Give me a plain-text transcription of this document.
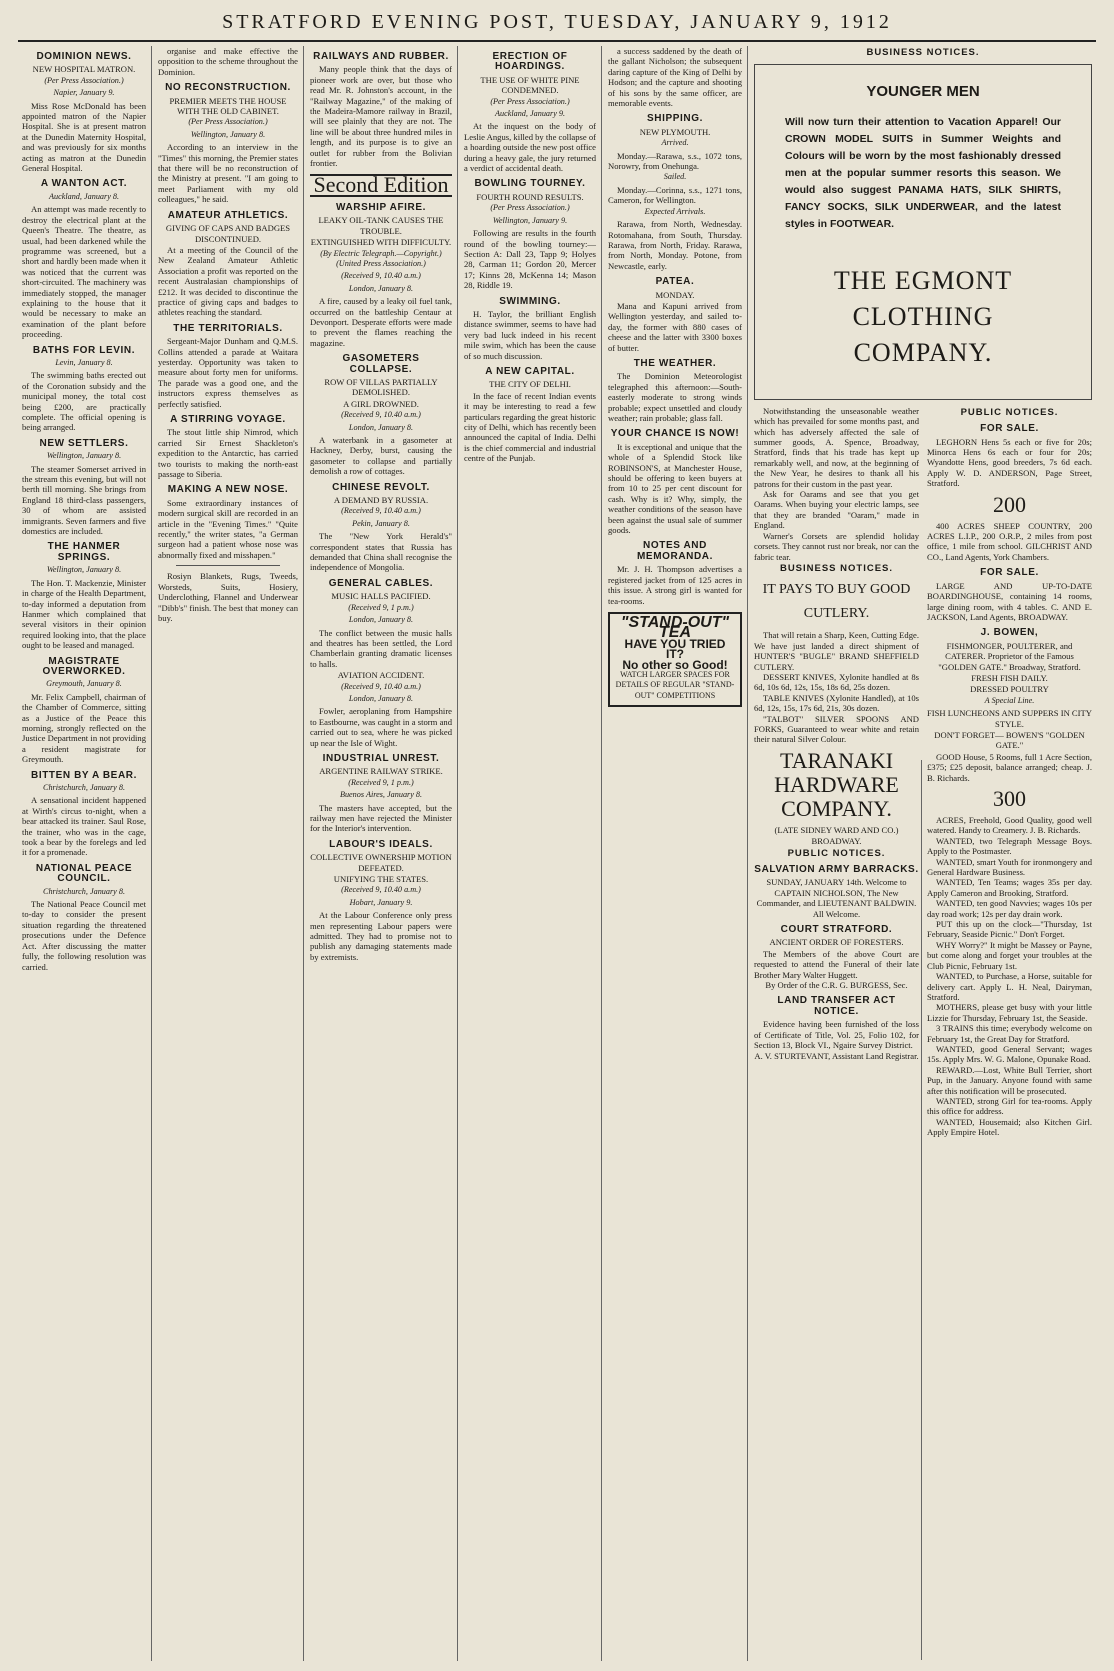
STRATFORD EVENING POST, TUESDAY, JANUARY 9, 1912
DOMINION NEWS.
NEW HOSPITAL MATRON.
(Per Press Association.)
Napier, January 9.

Miss Rose McDonald has been appointed matron of the Napier Hospital. She is at present matron at the Dunedin Maternity Hospital, and was previously for six months acting as matron at the Dunedin General Hospital.

A WANTON ACT.
Auckland, January 8.

An attempt was made recently to destroy the electrical plant at the Queen's Theatre. The theatre, as usual, had been darkened while the programme was screened, but a short and hardly been made when it was noticed that the current was short-circuited. The machinery was immediately stopped, the manager explaining to the house that it would be necessary to make an examination of the plant before proceeding.

BATHS FOR LEVIN.
Levin, January 8.

The swimming baths erected out of the Coronation subsidy and the municipal money, the total cost being £200, are practically complete. The official opening is being arranged.

NEW SETTLERS.
Wellington, January 8.

The steamer Somerset arrived in the stream this evening, but will not berth till morning. She brings from England 18 third-class passengers, 30 of whom are assisted immigrants. Seven farmers and five domestics are included.

THE HANMER SPRINGS.
Wellington, January 8.

The Hon. T. Mackenzie, Minister in charge of the Health Department, to-day informed a deputation from Hanmer which complained that several visitors in their opinion required looking into, that the place ought to be leased and managed.

MAGISTRATE OVERWORKED.
Greymouth, January 8.

Mr. Felix Campbell, chairman of the Chamber of Commerce, sitting as a Justice of the Peace this morning, strongly reflected on the Justice Department in not providing a resident magistrate for Greymouth.

BITTEN BY A BEAR.
Christchurch, January 8.

A sensational incident happened at Wirth's circus to-night, when a bear attacked its trainer. Saul Rose, the trainer, who was in the cage, took a bear by the forelegs and led it for a promenade.

NATIONAL PEACE COUNCIL.
Christchurch, January 8.

The National Peace Council met to-day to consider the present situation regarding the threatened prosecutions under the Defence Act. After discussing the matter fully, the following resolution was carried.

organise and make effective the opposition to the scheme throughout the Dominion.

NO RECONSTRUCTION.
PREMIER MEETS THE HOUSE WITH THE OLD CABINET.
(Per Press Association.)
Wellington, January 8.

According to an interview in the "Times" this morning, the Premier states that there will be no reconstruction of the Ministry at present. "I am going to meet Parliament with my old colleagues," he said.

AMATEUR ATHLETICS.
GIVING OF CAPS AND BADGES DISCONTINUED.

At a meeting of the Council of the New Zealand Amateur Athletic Association a profit was reported on the recent Australasian championships of £212. It was decided to discontinue the practice of giving caps and badges to athletes reaching the standard.

THE TERRITORIALS.

Sergeant-Major Dunham and Q.M.S. Collins attended a parade at Waitara yesterday. Opportunity was taken to measure about forty men for uniforms. The parade was a good one, and the instructors express themselves as perfectly satisfied.

A STIRRING VOYAGE.

The stout little ship Nimrod, which carried Sir Ernest Shackleton's expedition to the Antarctic, has carried two tourists to making the north-east passage to Siberia.

MAKING A NEW NOSE.

Some extraordinary instances of modern surgical skill are recorded in an article in the "Evening Times." "Quite recently," the writer states, "a German surgeon had a patient whose nose was abnormally fixed and misshapen."

Rosiyn Blankets, Rugs, Tweeds, Worsteds, Suits, Hosiery, Underclothing, Flannel and Underwear "Dibb's" finish. The best that money can buy.

RAILWAYS AND RUBBER.

Many people think that the days of pioneer work are over, but those who read Mr. R. Johnston's account, in the "Railway Magazine," of the making of the Madeira-Mamore railway in Brazil, will see plainly that they are not. The line will be about three hundred miles in length, and its purpose is to give an outlet for rubber from the Bolivian frontier.

Second Edition
WARSHIP AFIRE.
LEAKY OIL-TANK CAUSES THE TROUBLE.
EXTINGUISHED WITH DIFFICULTY.
(By Electric Telegraph.—Copyright.) (United Press Association.)
(Received 9, 10.40 a.m.)
London, January 8.

A fire, caused by a leaky oil fuel tank, occurred on the battleship Centaur at Devonport. Desperate efforts were made to prevent the flames reaching the magazine.

GASOMETERS COLLAPSE.
ROW OF VILLAS PARTIALLY DEMOLISHED.
A GIRL DROWNED.
(Received 9, 10.40 a.m.)
London, January 8.

A waterbank in a gasometer at Hackney, Derby, burst, causing the gasometer to collapse and partially demolish a row of cottages.

CHINESE REVOLT.
A DEMAND BY RUSSIA.
(Received 9, 10.40 a.m.)
Pekin, January 8.

The "New York Herald's" correspondent states that Russia has demanded that China shall recognise the independence of Mongolia.

GENERAL CABLES.
MUSIC HALLS PACIFIED.
(Received 9, 1 p.m.)
London, January 8.

The conflict between the music halls and theatres has been settled, the Lord Chamberlain granting dramatic licenses to halls.

AVIATION ACCIDENT.
(Received 9, 10.40 a.m.)
London, January 8.

Fowler, aeroplaning from Hampshire to Eastbourne, was caught in a storm and carried out to sea, where he was picked up near the Isle of Wight.

INDUSTRIAL UNREST.
ARGENTINE RAILWAY STRIKE.
(Received 9, 1 p.m.)
Buenos Aires, January 8.

The masters have accepted, but the railway men have rejected the Minister for the Interior's intervention.

LABOUR'S IDEALS.
COLLECTIVE OWNERSHIP MOTION DEFEATED.
UNIFYING THE STATES.
(Received 9, 10.40 a.m.)
Hobart, January 9.

At the Labour Conference only press men representing Labour papers were admitted. They had to promise not to publish any damaging statements made by extremists.

ERECTION OF HOARDINGS.
THE USE OF WHITE PINE CONDEMNED.
(Per Press Association.)
Auckland, January 9.

At the inquest on the body of Leslie Angus, killed by the collapse of a hoarding outside the new post office during a heavy gale, the jury returned a verdict of accidental death.

BOWLING TOURNEY.
FOURTH ROUND RESULTS.
(Per Press Association.)
Wellington, January 9.

Following are results in the fourth round of the bowling tourney:— Section A: Dall 23, Tapp 9; Holyes 28, Carman 11; Gordon 20, Mercer 17; Kinns 28, McKenna 14; Mason 28, Riddle 19.

SWIMMING.

H. Taylor, the brilliant English distance swimmer, seems to have had very bad luck indeed in his recent mile swim, which has been the cause of so much discussion.

A NEW CAPITAL.
THE CITY OF DELHI.

In the face of recent Indian events it may be interesting to read a few particulars regarding the great historic city of Delhi, which has recently been announced the capital of India. Delhi is the chief commercial and industrial centre of the Punjab.

a success saddened by the death of the gallant Nicholson; the subsequent daring capture of the King of Delhi by Hodson; and the capture and shooting of his sons by the same officer, are memorable events.

SHIPPING.
NEW PLYMOUTH.
Arrived.

Monday.—Rarawa, s.s., 1072 tons, Norowry, from Onehunga.

Sailed.

Monday.—Corinna, s.s., 1271 tons, Cameron, for Wellington.

Expected Arrivals.

Rarawa, from North, Wednesday. Rotomahana, from South, Thursday. Rarawa, from North, Friday. Rarawa, from North, Monday. Potone, from Newcastle, early.

PATEA.
MONDAY.

Mana and Kapuni arrived from Wellington yesterday, and sailed to-day, the former with 880 cases of cheese and the latter with 3300 boxes of butter.

THE WEATHER.

The Dominion Meteorologist telegraphed this afternoon:—South-easterly moderate to strong winds probable; expect unsettled and cloudy weather; rain probable; glass fall.

YOUR CHANCE IS NOW!

It is exceptional and unique that the whole of a Splendid Stock like ROBINSON'S, at Manchester House, should be offering to keen buyers at from 10 to 25 per cent discount for cash. Why is it? Why, simply, the weather conditions of the season have been against the usual sale of summer goods.

NOTES AND MEMORANDA.

Mr. J. H. Thompson advertises a registered jacket from of 125 acres in this issue. A strong girl is wanted for tea-rooms.

"STAND-OUT" TEA
HAVE YOU TRIED IT?
No other so Good!
WATCH LARGER SPACES FOR DETAILS OF REGULAR "STAND-OUT" COMPETITIONS
BUSINESS NOTICES.
YOUNGER MEN
Will now turn their attention to Vacation Apparel! Our CROWN MODEL SUITS in Summer Weights and Colours will be worn by the most fashionably dressed men at the popular summer resorts this season. We would also suggest PANAMA HATS, SILK SHIRTS, FANCY SOCKS, SILK UNDERWEAR, and the latest styles in FOOTWEAR.
THE EGMONT CLOTHING
COMPANY.

Notwithstanding the unseasonable weather which has prevailed for some months past, and which has adversely affected the sale of summer goods, A. Spence, Broadway, Stratford, finds that his trade has kept up remarkably well, and now, at the beginning of the New Year, he desires to thank all his patrons for their custom in the past year.

Ask for Oarams and see that you get Oarams. When buying your electric lamps, see that they are branded "Oaram," made in England.

Warner's Corsets are splendid holiday corsets. They cannot rust nor break, nor can the fabric tear.

BUSINESS NOTICES.
IT PAYS TO BUY GOOD CUTLERY.

That will retain a Sharp, Keen, Cutting Edge. We have just landed a direct shipment of HUNTER'S "BUGLE" BRAND SHEFFIELD CUTLERY.

DESSERT KNIVES, Xylonite handled at 8s 6d, 10s 6d, 12s, 15s, 18s 6d, 25s dozen.

TABLE KNIVES (Xylonite Handled), at 10s 6d, 12s, 15s, 17s 6d, 21s, 30s dozen.

"TALBOT" SILVER SPOONS AND FORKS, Guaranteed to wear white and retain their natural Silver Colour.

TARANAKI HARDWARE COMPANY.
(LATE SIDNEY WARD AND CO.)
BROADWAY.
PUBLIC NOTICES.
SALVATION ARMY BARRACKS.

SUNDAY, JANUARY 14th. Welcome to CAPTAIN NICHOLSON, The New Commander, and LIEUTENANT BALDWIN. All Welcome.

COURT STRATFORD.
ANCIENT ORDER OF FORESTERS.

The Members of the above Court are requested to attend the Funeral of their late Brother Mary Walter Huggett.

By Order of the C.R. G. BURGESS, Sec.

LAND TRANSFER ACT NOTICE.

Evidence having been furnished of the loss of Certificate of Title, Vol. 25, Folio 102, for Section 13, Block VI., Ngaire Survey District.

A. V. STURTEVANT, Assistant Land Registrar.

PUBLIC NOTICES.
FOR SALE.

LEGHORN Hens 5s each or five for 20s; Minorca Hens 6s each or four for 20s; Wyandotte Hens, good breeders, 7s 6d each. Apply W. D. ANDERSON, Page Street, Stratford.

200

400 ACRES SHEEP COUNTRY, 200 ACRES L.I.P., 200 O.R.P., 2 miles from post office, 1 mile from school. GILCHRIST AND CO., Land Agents, York Chambers.

FOR SALE.

LARGE AND UP-TO-DATE BOARDINGHOUSE, containing 14 rooms, large dining room, with 4 tables. C. AND E. JACKSON, Land Agents, BROADWAY.

J. BOWEN,

FISHMONGER, POULTERER, and CATERER. Proprietor of the Famous "GOLDEN GATE." Broadway, Stratford.

FRESH FISH DAILY.
DRESSED POULTRY
A Special Line.
FISH LUNCHEONS AND SUPPERS IN CITY STYLE.
DON'T FORGET— BOWEN'S "GOLDEN GATE."

GOOD House, 5 Rooms, full 1 Acre Section, £375; £25 deposit, balance arranged; cheap. J. B. Richards.

300

ACRES, Freehold, Good Quality, good well watered. Handy to Creamery. J. B. Richards.

WANTED, two Telegraph Message Boys. Apply to the Postmaster.

WANTED, smart Youth for ironmongery and General Hardware Business.

WANTED, Ten Teams; wages 35s per day. Apply Cameron and Brooking, Stratford.

WANTED, ten good Navvies; wages 10s per day road work; 12s per day drain work.

PUT this up on the clock—"Thursday, 1st February, Seaside Picnic." Don't Forget.

WHY Worry?" It might be Massey or Payne, but come along and forget your troubles at the Club Picnic, February 1st.

WANTED, to Purchase, a Horse, suitable for delivery cart. Apply L. H. Neal, Dairyman, Stratford.

MOTHERS, please get busy with your little Lizzie for Thursday, February 1st, the Seaside.

3 TRAINS this time; everybody welcome on February 1st, the Great Day for Stratford.

WANTED, good General Servant; wages 15s. Apply Mrs. W. G. Malone, Opunake Road.

REWARD.—Lost, White Bull Terrier, short Pup, in the January. Anyone found with same after this notification will be prosecuted.

WANTED, strong Girl for tea-rooms. Apply this office for address.

WANTED, Housemaid; also Kitchen Girl. Apply Empire Hotel.
